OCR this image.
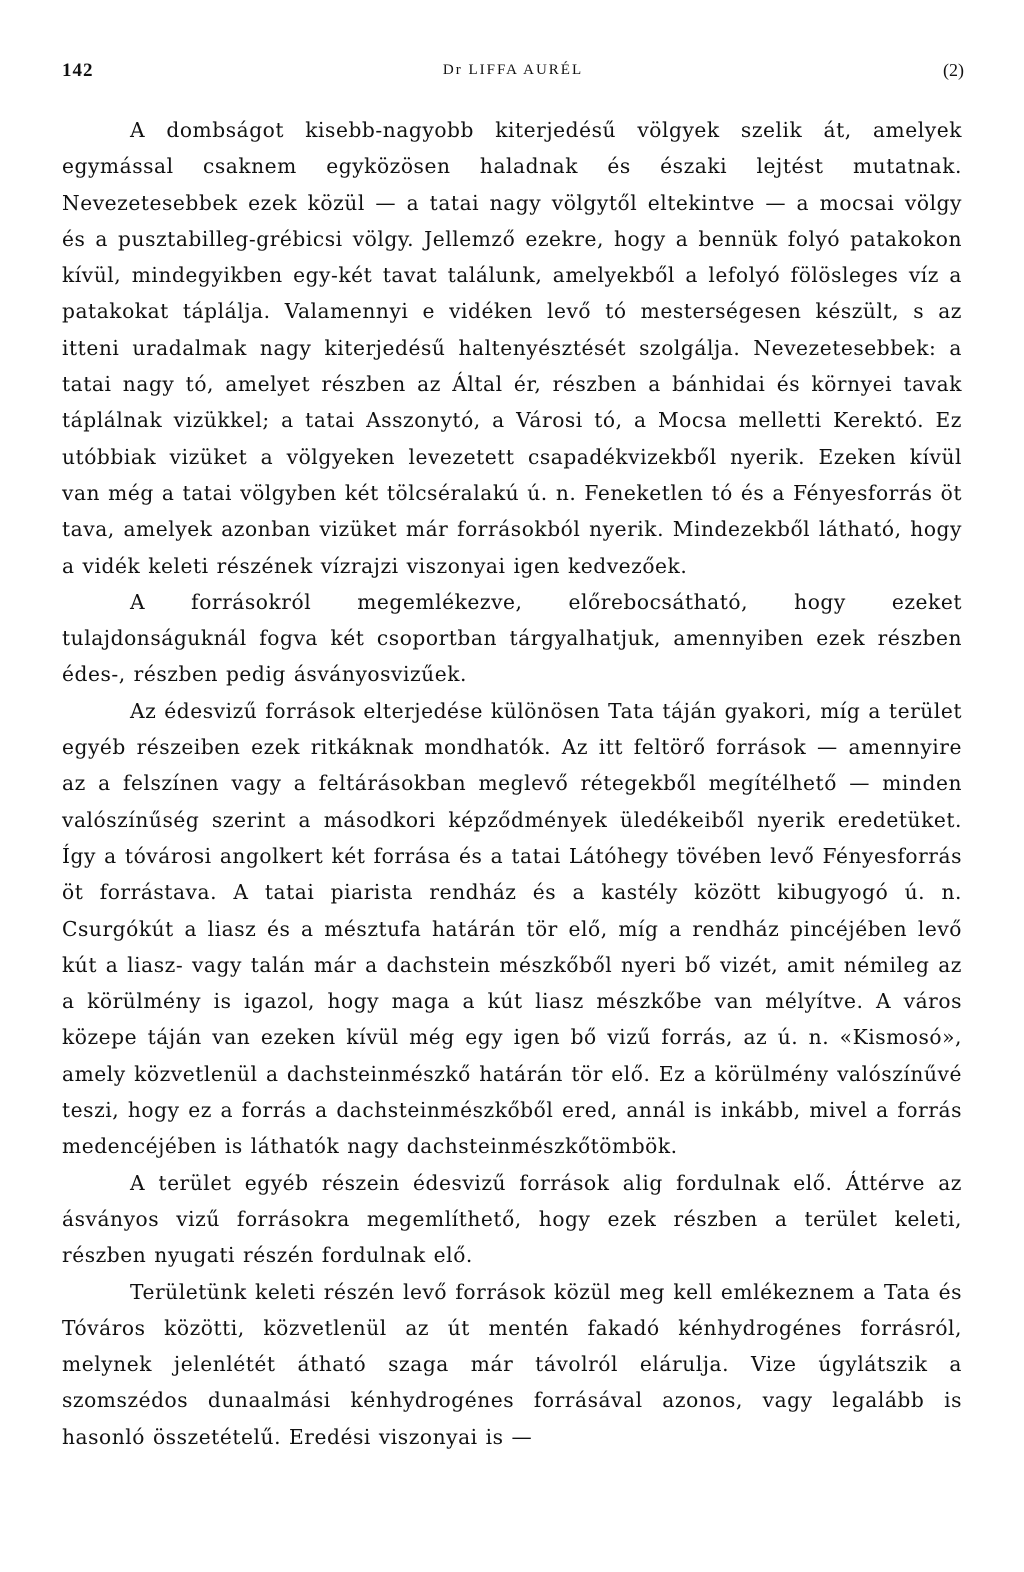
142	Dr LIFFA AURÉL	(2)

A dombságot kisebb-nagyobb kiterjedésű völgyek szelik át, amelyek egymással csaknem egyközösen haladnak és északi lejtést mutatnak. Nevezetesebbek ezek közül — a tatai nagy völgytől eltekintve — a mocsai völgy és a pusztabilleg-grébicsi völgy. Jellemző ezekre, hogy a bennük folyó patakokon kívül, mindegyikben egy-két tavat találunk, amelyekből a lefolyó fölösleges víz a patakokat táplálja. Valamennyi e vidéken levő tó mesterségesen készült, s az itteni uradalmak nagy kiterjedésű haltenyésztését szolgálja. Nevezetesebbek: a tatai nagy tó, amelyet részben az Által ér, részben a bánhidai és környei tavak táplálnak vizükkel; a tatai Asszonytó, a Városi tó, a Mocsa melletti Kerektó. Ez utóbbiak vizüket a völgyeken levezetett csapadékvizekből nyerik. Ezeken kívül van még a tatai völgyben két tölcséralakú ú. n. Feneketlen tó és a Fényesforrás öt tava, amelyek azonban vizüket már forrásokból nyerik. Mindezekből látható, hogy a vidék keleti részének vízrajzi viszonyai igen kedvezőek.

A forrásokról megemlékezve, előrebocsátható, hogy ezeket tulajdonságuknál fogva két csoportban tárgyalhatjuk, amennyiben ezek részben édes-, részben pedig ásványosvizűek.

Az édesvizű források elterjedése különösen Tata táján gyakori, míg a terület egyéb részeiben ezek ritkáknak mondhatók. Az itt feltörő források — amennyire az a felszínen vagy a feltárásokban meglevő rétegekből megítélhető — minden valószínűség szerint a másodkori képződmények üledékeiből nyerik eredetüket. Így a tóvárosi angolkert két forrása és a tatai Látóhegy tövében levő Fényesforrás öt forrástava. A tatai piarista rendház és a kastély között kibugyogó ú. n. Csurgókút a liasz és a mésztufa határán tör elő, míg a rendház pincéjében levő kút a liasz- vagy talán már a dachstein mészkőből nyeri bő vizét, amit némileg az a körülmény is igazol, hogy maga a kút liasz mészkőbe van mélyítve. A város közepe táján van ezeken kívül még egy igen bő vizű forrás, az ú. n. «Kismosó», amely közvetlenül a dachsteinmészkő határán tör elő. Ez a körülmény valószínűvé teszi, hogy ez a forrás a dachsteinmészkőből ered, annál is inkább, mivel a forrás medencéjében is láthatók nagy dachsteinmészkőtömbök.

A terület egyéb részein édesvizű források alig fordulnak elő. Áttérve az ásványos vizű forrásokra megemlíthető, hogy ezek részben a terület keleti, részben nyugati részén fordulnak elő.

Területünk keleti részén levő források közül meg kell emlékeznem a Tata és Tóváros közötti, közvetlenül az út mentén fakadó kénhydrogénes forrásról, melynek jelenlétét átható szaga már távolról elárulja. Vize úgylátszik a szomszédos dunaalmási kénhydrogénes forrásával azonos, vagy legalább is hasonló összetételű. Eredési viszonyai is —
